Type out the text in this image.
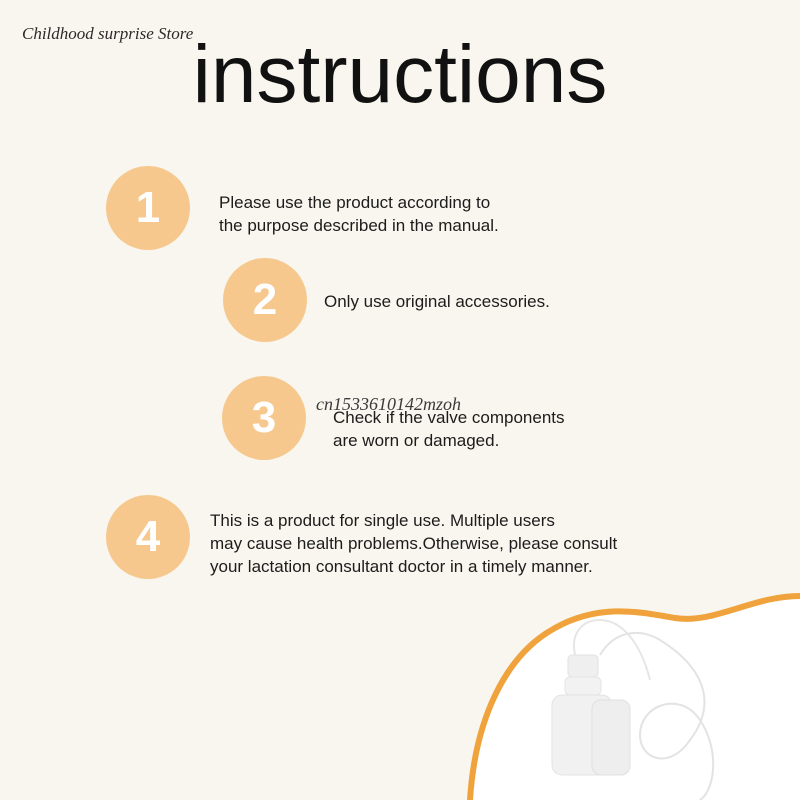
Childhood surprise Store instructions
1	Please use the product according to
the purpose described in the manual.
2	Only use original accessories.
3	Check if the valve components
are worn or damaged.
cn1533610142mzoh
4	This is a product for single use. Multiple users
may cause health problems.Otherwise, please consult
your lactation consultant doctor in a timely manner.
